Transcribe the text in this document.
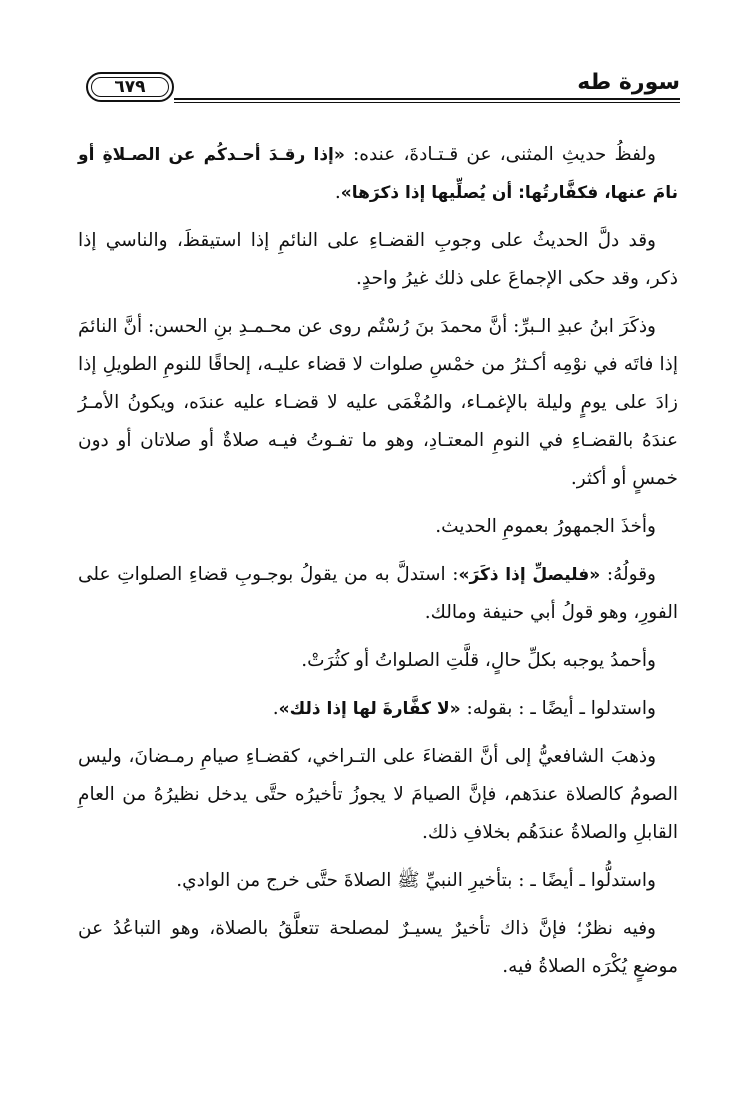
٦٧٩	سورة طه

ولفظُ حديثِ المثنى، عن قـتـادةَ، عنده: «إذا رقـدَ أحـدكُم عن الصـلاةِ أو نامَ عنها، فكفَّارتُها: أن يُصلِّيها إذا ذكرَها».

وقد دلَّ الحديثُ على وجوبِ القضـاءِ على النائمِ إذا استيقظَ، والناسي إذا ذكر، وقد حكى الإجماعَ على ذلك غيرُ واحدٍ.

وذكَرَ ابنُ عبدِ الـبرِّ: أنَّ محمدَ بنَ رُسْتُم روى عن محـمـدِ بنِ الحسن: أنَّ النائمَ إذا فاتَه في نوْمِه أكـثرُ من خمْسِ صلوات لا قضاء عليـه، إلحاقًا للنومِ الطويلِ إذا زادَ على يومٍ وليلة بالإغمـاء، والمُغْمَى عليه لا قضـاء عليه عندَه، ويكونُ الأمـرُ عندَهُ بالقضـاءِ في النومِ المعتـادِ، وهو ما تفـوتُ فيـه صلاةٌ أو صلاتان أو دون خمسٍ أو أكثر.

وأخذَ الجمهورُ بعمومِ الحديث.

وقولُهُ: «فليصلِّ إذا ذكَرَ»: استدلَّ به من يقولُ بوجـوبِ قضاءِ الصلواتِ على الفورِ، وهو قولُ أبي حنيفة ومالك.

وأحمدُ يوجبه بكلِّ حالٍ، قلَّتِ الصلواتُ أو كثُرَتْ.

واستدلوا ـ أيضًا ـ : بقوله: «لا كفَّارةَ لها إذا ذلك».

وذهبَ الشافعيُّ إلى أنَّ القضاءَ على التـراخي، كقضـاءِ صيامِ رمـضانَ، وليس الصومُ كالصلاة عندَهم، فإنَّ الصيامَ لا يجوزُ تأخيرُه حتَّى يدخل نظيرُهُ من العامِ القابلِ والصلاةُ عندَهُم بخلافِ ذلك.

واستدلُّوا ـ أيضًا ـ : بتأخيرِ النبيِّ ﷺ الصلاةَ حتَّى خرج من الوادي.

وفيه نظرٌ؛ فإنَّ ذاك تأخيرٌ يسيـرٌ لمصلحة تتعلَّقُ بالصلاة، وهو التباعُدُ عن موضعٍ يُكْرَه الصلاةُ فيه.
